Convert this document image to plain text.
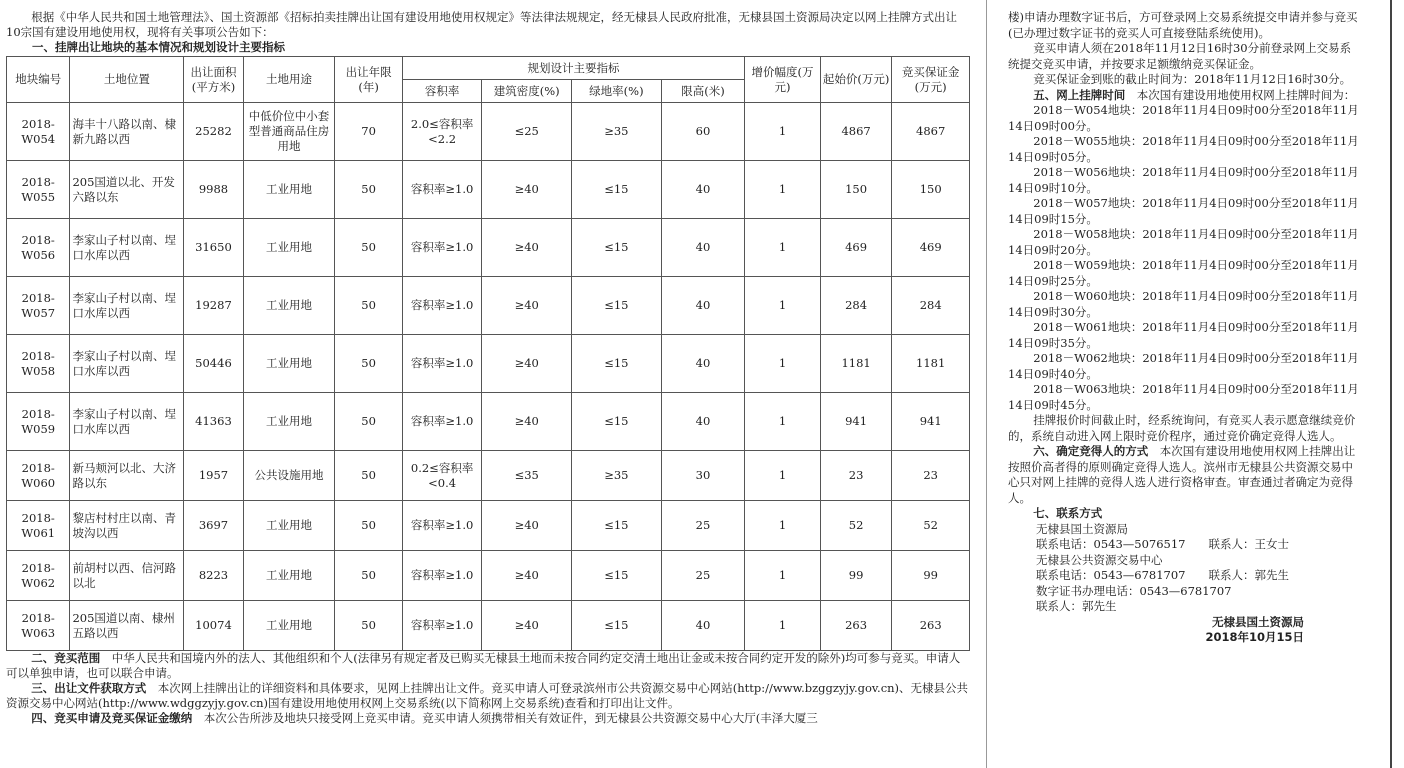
根据《中华人民共和国土地管理法》、国土资源部《招标拍卖挂牌出让国有建设用地使用权规定》等法律法规规定，经无棣县人民政府批准，无棣县国土资源局决定以网上挂牌方式出让10宗国有建设用地使用权，现将有关事项公告如下：

一、挂牌出让地块的基本情况和规划设计主要指标

地块编号	土地位置	出让面积(平方米)	土地用途	出让年限(年)	规划设计主要指标				增价幅度(万元)	起始价(万元)	竞买保证金(万元)
					容积率	建筑密度(%)	绿地率(%)	限高(米)			
2018-W054	海丰十八路以南、棣新九路以西	25282	中低价位中小套型普通商品住房用地	70	2.0≤容积率<2.2	≤25	≥35	60	1	4867	4867
2018-W055	205国道以北、开发六路以东	9988	工业用地	50	容积率≥1.0	≥40	≤15	40	1	150	150
2018-W056	李家山子村以南、埕口水库以西	31650	工业用地	50	容积率≥1.0	≥40	≤15	40	1	469	469
2018-W057	李家山子村以南、埕口水库以西	19287	工业用地	50	容积率≥1.0	≥40	≤15	40	1	284	284
2018-W058	李家山子村以南、埕口水库以西	50446	工业用地	50	容积率≥1.0	≥40	≤15	40	1	1181	1181
2018-W059	李家山子村以南、埕口水库以西	41363	工业用地	50	容积率≥1.0	≥40	≤15	40	1	941	941
2018-W060	新马颊河以北、大济路以东	1957	公共设施用地	50	0.2≤容积率<0.4	≤35	≥35	30	1	23	23
2018-W061	黎店村村庄以南、青坡沟以西	3697	工业用地	50	容积率≥1.0	≥40	≤15	25	1	52	52
2018-W062	前胡村以西、信河路以北	8223	工业用地	50	容积率≥1.0	≥40	≤15	25	1	99	99
2018-W063	205国道以南、棣州五路以西	10074	工业用地	50	容积率≥1.0	≥40	≤15	40	1	263	263

二、竞买范围　 中华人民共和国境内外的法人、其他组织和个人(法律另有规定者及已购买无棣县土地而未按合同约定交清土地出让金或未按合同约定开发的除外)均可参与竞买。申请人可以单独申请，也可以联合申请。

三、出让文件获取方式　 本次网上挂牌出让的详细资料和具体要求，见网上挂牌出让文件。竞买申请人可登录滨州市公共资源交易中心网站(http://www.bzggzyjy.gov.cn)、无棣县公共资源交易中心网站(http://www.wdggzyjy.gov.cn)国有建设用地使用权网上交易系统(以下简称网上交易系统)查看和打印出让文件。

四、竞买申请及竞买保证金缴纳　 本次公告所涉及地块只接受网上竞买申请。竞买申请人须携带相关有效证件，到无棣县公共资源交易中心大厅(丰泽大厦三

楼)申请办理数字证书后，方可登录网上交易系统提交申请并参与竞买(已办理过数字证书的竞买人可直接登陆系统使用)。

竞买申请人须在2018年11月12日16时30分前登录网上交易系统提交竞买申请，并按要求足额缴纳竞买保证金。

竞买保证金到账的截止时间为：2018年11月12日16时30分。

五、网上挂牌时间　 本次国有建设用地使用权网上挂牌时间为：

2018－W054地块：2018年11月4日09时00分至2018年11月14日09时00分。

2018－W055地块：2018年11月4日09时00分至2018年11月14日09时05分。

2018－W056地块：2018年11月4日09时00分至2018年11月14日09时10分。

2018－W057地块：2018年11月4日09时00分至2018年11月14日09时15分。

2018－W058地块：2018年11月4日09时00分至2018年11月14日09时20分。

2018－W059地块：2018年11月4日09时00分至2018年11月14日09时25分。

2018－W060地块：2018年11月4日09时00分至2018年11月14日09时30分。

2018－W061地块：2018年11月4日09时00分至2018年11月14日09时35分。

2018－W062地块：2018年11月4日09时00分至2018年11月14日09时40分。

2018－W063地块：2018年11月4日09时00分至2018年11月14日09时45分。

挂牌报价时间截止时，经系统询问，有竞买人表示愿意继续竞价的，系统自动进入网上限时竞价程序，通过竞价确定竞得人选人。

六、确定竞得人的方式　 本次国有建设用地使用权网上挂牌出让按照价高者得的原则确定竞得人选人。滨州市无棣县公共资源交易中心只对网上挂牌的竞得人选人进行资格审查。审查通过者确定为竞得人。

七、联系方式

无棣县国土资源局

联系电话：0543—5076517　　联系人：王女士

无棣县公共资源交易中心

联系电话：0543—6781707　　联系人：郭先生

数字证书办理电话：0543—6781707

联系人：郭先生

无棣县国土资源局

2018年10月15日
